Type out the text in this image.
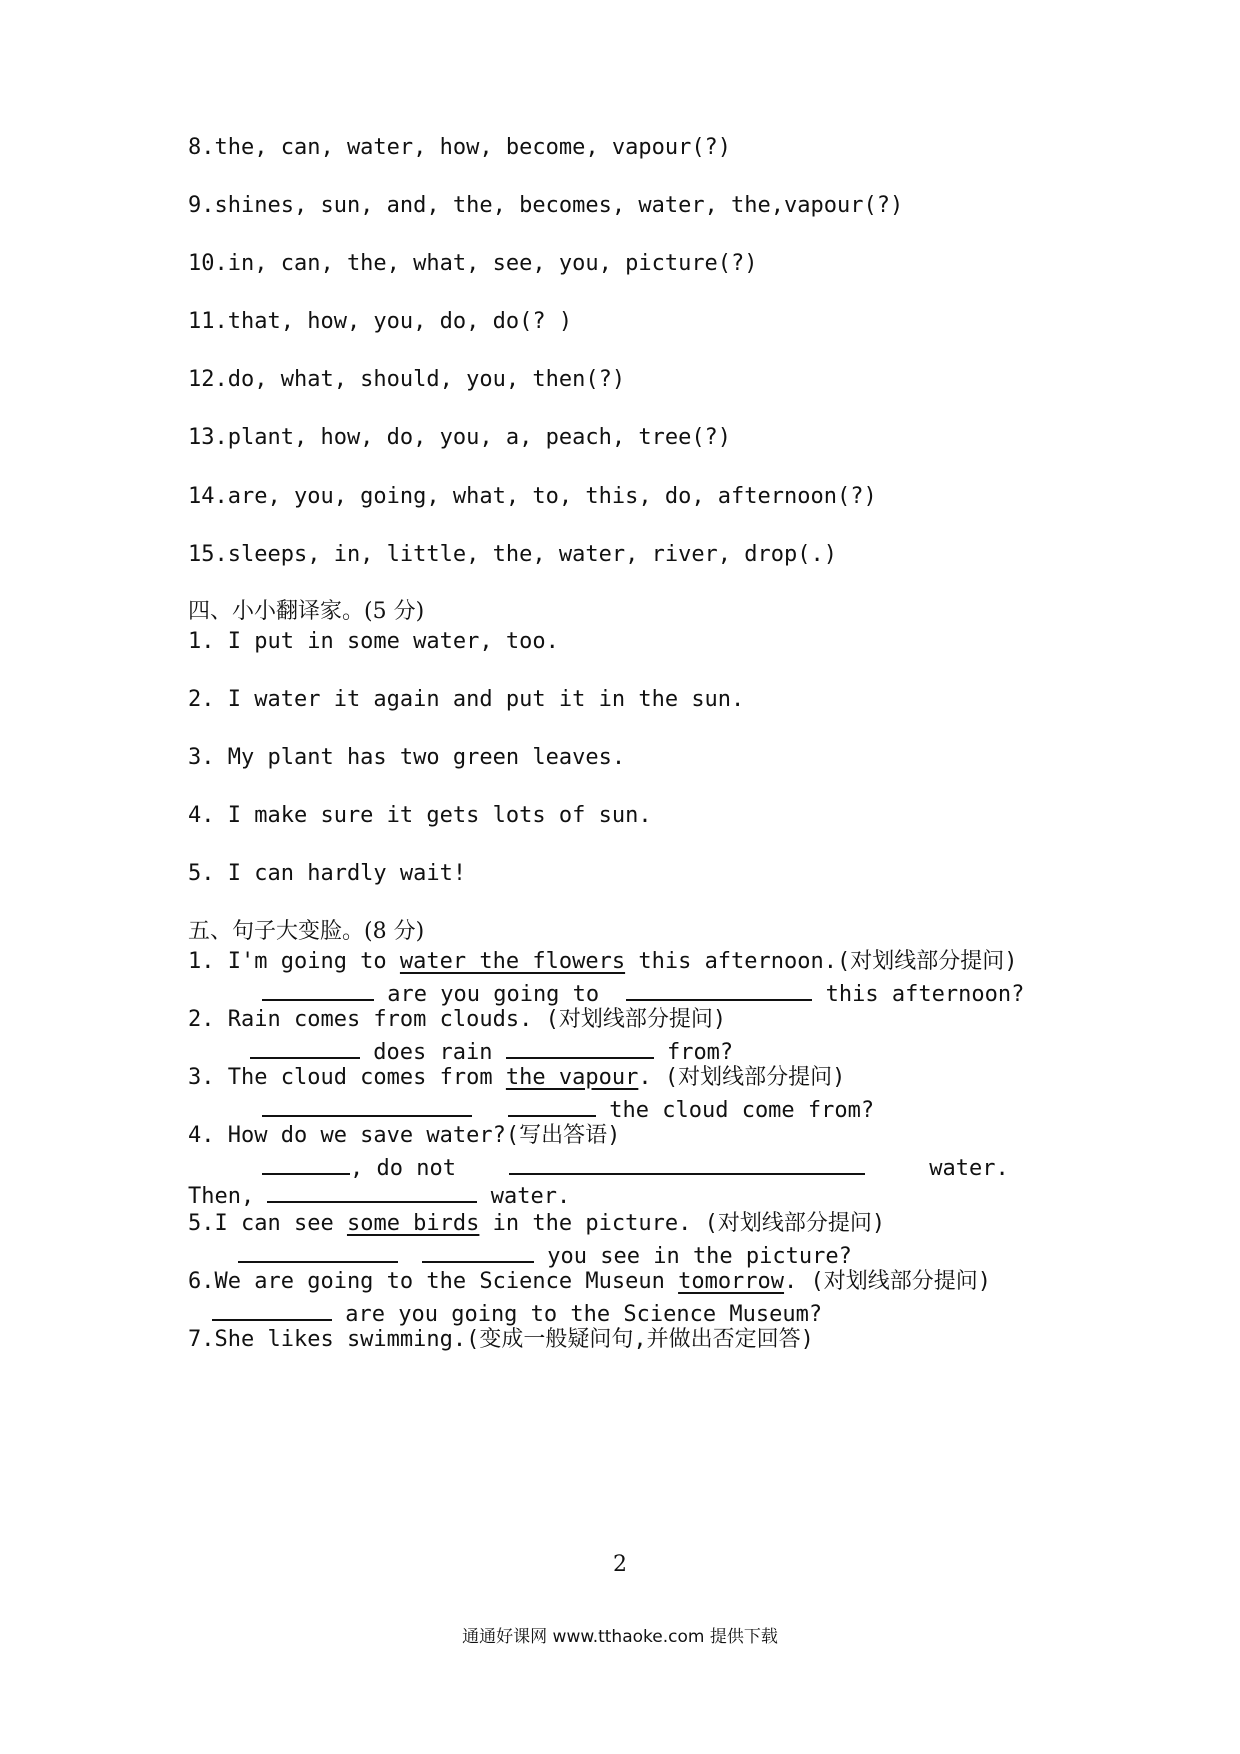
8.the, can, water, how, become, vapour(?)

9.shines, sun, and, the, becomes, water, the,vapour(?)

10.in, can, the, what, see, you, picture(?)

11.that, how, you, do, do(? )

12.do, what, should, you, then(?)

13.plant, how, do, you, a, peach, tree(?)

14.are, you, going, what, to, this, do, afternoon(?)

15.sleeps, in, little, the, water, river, drop(.)

四、小小翻译家。(5 分)

1. I put in some water, too.

2. I water it again and put it in the sun.

3. My plant has two green leaves.

4. I make sure it gets lots of sun.

5. I can hardly wait!

五、句子大变脸。(8 分)

1. I'm going to water the flowers this afternoon.(对划线部分提问)

are you going to	this afternoon?

2. Rain comes from clouds. (对划线部分提问)

does rain	from?

3. The cloud comes from the vapour. (对划线部分提问)

the cloud come from?

4. How do we save water?(写出答语)

, do not	water.

Then,	water.

5.I can see some birds in the picture. (对划线部分提问)

you see in the picture?

6.We are going to the Science Museun tomorrow. (对划线部分提问)

are you going to the Science Museum?

7.She likes swimming.(变成一般疑问句,并做出否定回答)

2
通通好课网 www.tthaoke.com 提供下载
